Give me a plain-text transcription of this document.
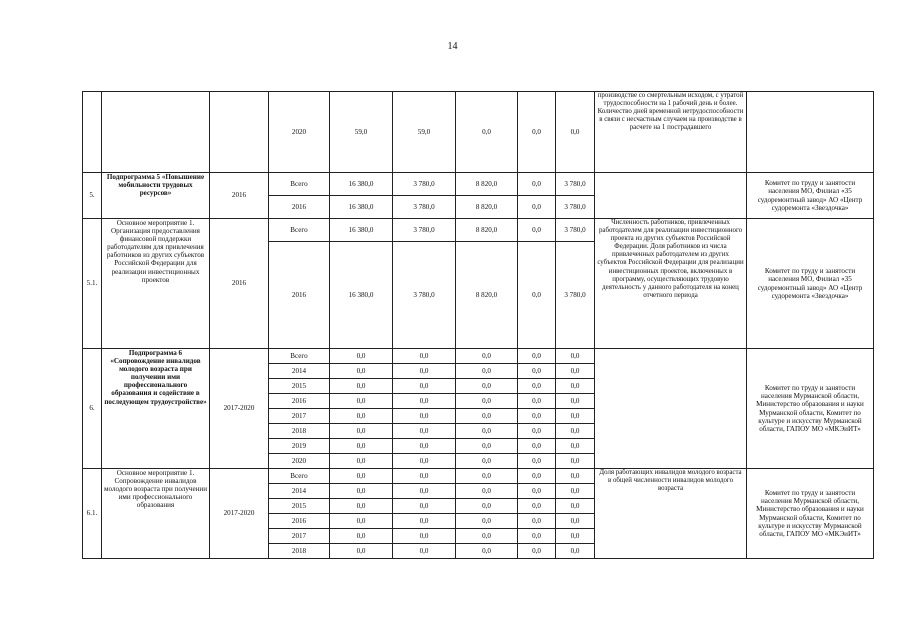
14
			2020	59,0	59,0	0,0	0,0	0,0	производстве со смертельным исходом, с утратой трудоспособности на 1 рабочий день и более. Количество дней временной нетрудоспособности в связи с несчастным случаем на производстве в расчете на 1 пострадавшего	
5.	Подпрограмма 5 «Повышение мобильности трудовых ресурсов»	2016	Всего	16 380,0	3 780,0	8 820,0	0,0	3 780,0		Комитет по труду и занятости населения МО, Филиал «35 судоремонтный завод» АО «Центр судоремонта «Звездочка»
			2016	16 380,0	3 780,0	8 820,0	0,0	3 780,0		
5.1.	Основное мероприятие 1. Организация предоставления финансовой поддержки работодателям для привлечения работников из других субъектов Российской Федерации для реализации инвестиционных проектов	2016	Всего	16 380,0	3 780,0	8 820,0	0,0	3 780,0	Численность работников, привлеченных работодателем для реализации инвестиционного проекта из других субъектов Российской Федерации. Доля работников из числа привлеченных работодателем из других субъектов Российской Федерации для реализации инвестиционных проектов, включенных в программу, осуществляющих трудовую деятельность у данного работодателя на конец отчетного периода	Комитет по труду и занятости населения МО, Филиал «35 судоремонтный завод» АО «Центр судоремонта «Звездочка»
			2016	16 380,0	3 780,0	8 820,0	0,0	3 780,0		
6.	Подпрограмма 6 «Сопровождение инвалидов молодого возраста при получении ими профессионального образования и содействие в последующем трудоустройстве»	2017-2020	Всего	0,0	0,0	0,0	0,0	0,0		Комитет по труду и занятости населения Мурманской области, Министерство образования и науки Мурманской области, Комитет по культуре и искусству Мурманской области, ГАПОУ МО «МКЭиИТ»
			2014	0,0	0,0	0,0	0,0	0,0		
			2015	0,0	0,0	0,0	0,0	0,0		
			2016	0,0	0,0	0,0	0,0	0,0		
			2017	0,0	0,0	0,0	0,0	0,0		
			2018	0,0	0,0	0,0	0,0	0,0		
			2019	0,0	0,0	0,0	0,0	0,0		
			2020	0,0	0,0	0,0	0,0	0,0		
6.1.	Основное мероприятие 1. Сопровождение инвалидов молодого возраста при получении ими профессионального образования	2017-2020	Всего	0,0	0,0	0,0	0,0	0,0	Доля работающих инвалидов молодого возраста в общей численности инвалидов молодого возраста	Комитет по труду и занятости населения Мурманской области, Министерство образования и науки Мурманской области, Комитет по культуре и искусству Мурманской области, ГАПОУ МО «МКЭиИТ»
			2014	0,0	0,0	0,0	0,0	0,0		
			2015	0,0	0,0	0,0	0,0	0,0		
			2016	0,0	0,0	0,0	0,0	0,0		
			2017	0,0	0,0	0,0	0,0	0,0		
			2018	0,0	0,0	0,0	0,0	0,0		
